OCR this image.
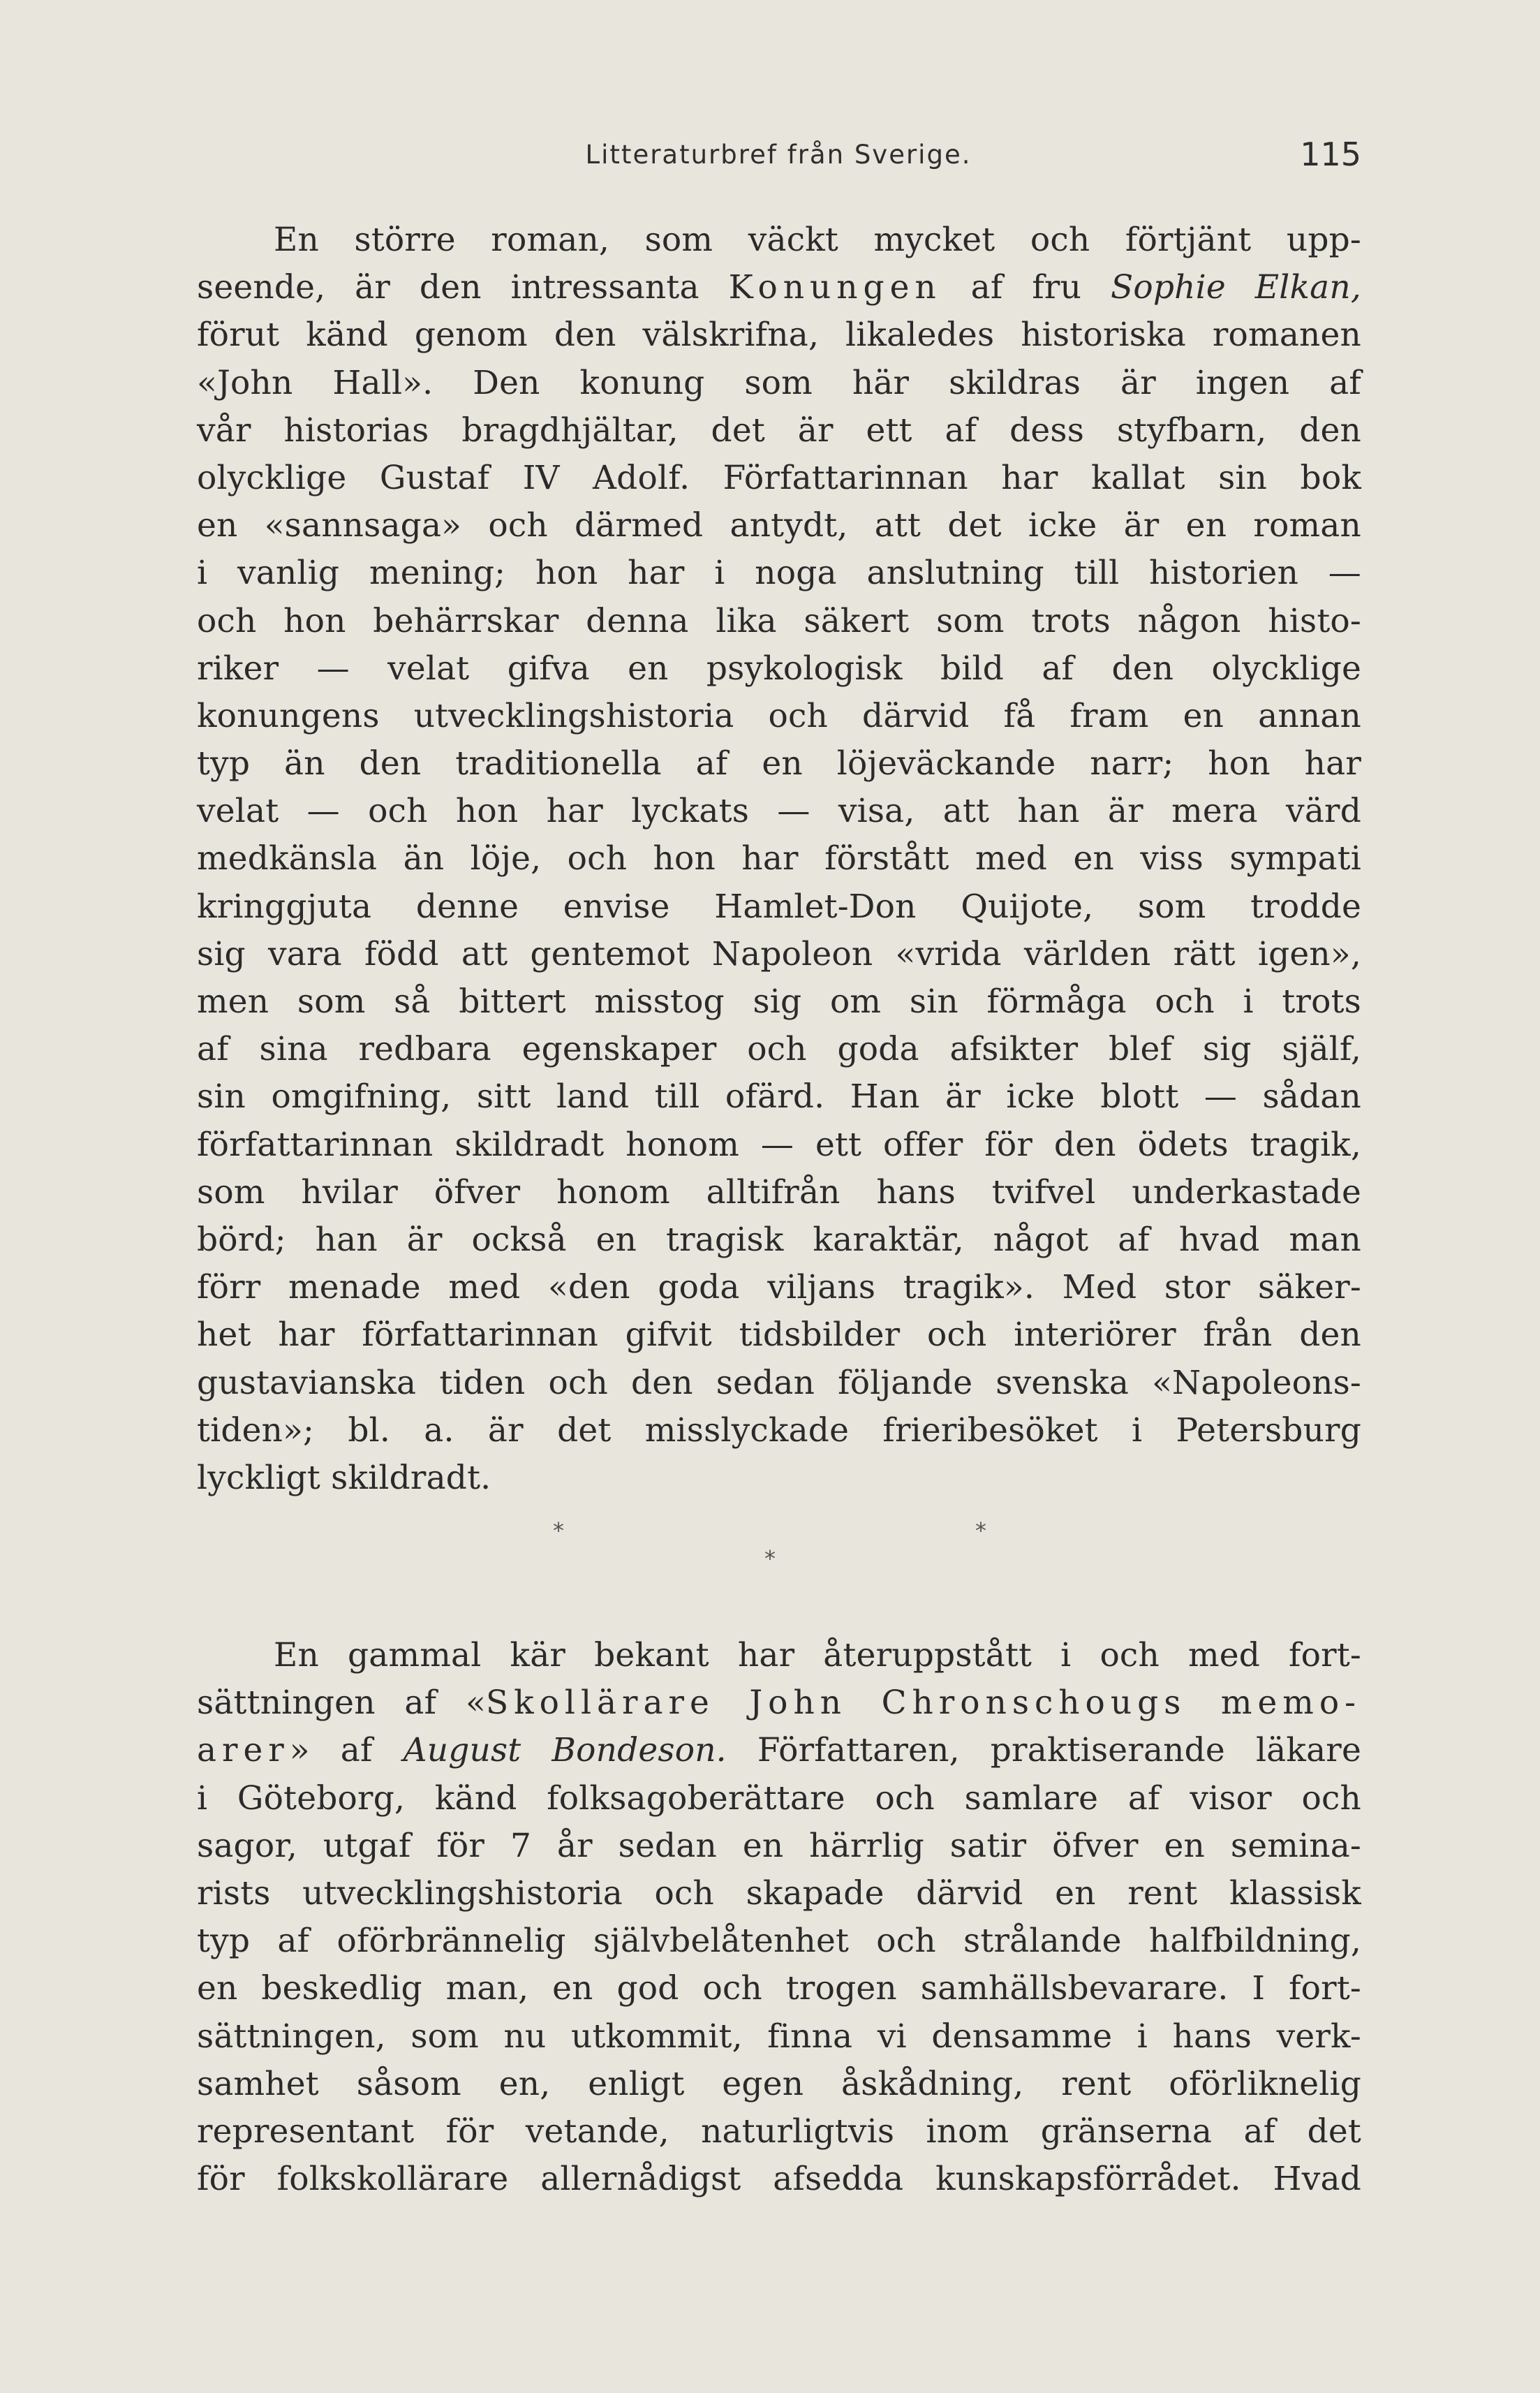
Litteraturbref från Sverige.	115
En större roman, som väckt mycket och förtjänt upp-
seende, är den intressanta Konungen af fru Sophie Elkan,
förut känd genom den välskrifna, likaledes historiska romanen
«John Hall». Den konung som här skildras är ingen af
vår historias bragdhjältar, det är ett af dess styfbarn, den
olycklige Gustaf IV Adolf. Författarinnan har kallat sin bok
en «sannsaga» och därmed antydt, att det icke är en roman
i vanlig mening; hon har i noga anslutning till historien —
och hon behärrskar denna lika säkert som trots någon histo-
riker — velat gifva en psykologisk bild af den olycklige
konungens utvecklingshistoria och därvid få fram en annan
typ än den traditionella af en löjeväckande narr; hon har
velat — och hon har lyckats — visa, att han är mera värd
medkänsla än löje, och hon har förstått med en viss sympati
kringgjuta denne envise Hamlet-Don Quijote, som trodde
sig vara född att gentemot Napoleon «vrida världen rätt igen»,
men som så bittert misstog sig om sin förmåga och i trots
af sina redbara egenskaper och goda afsikter blef sig själf,
sin omgifning, sitt land till ofärd. Han är icke blott — sådan
författarinnan skildradt honom — ett offer för den ödets tragik,
som hvilar öfver honom alltifrån hans tvifvel underkastade
börd; han är också en tragisk karaktär, något af hvad man
förr menade med «den goda viljans tragik». Med stor säker-
het har författarinnan gifvit tidsbilder och interiörer från den
gustavianska tiden och den sedan följande svenska «Napoleons-
tiden»; bl. a. är det misslyckade frieribesöket i Petersburg
lyckligt skildradt.
*	*
*
En gammal kär bekant har återuppstått i och med fort-
sättningen af «Skollärare John Chronschougs memo-
arer» af August Bondeson. Författaren, praktiserande läkare
i Göteborg, känd folksagoberättare och samlare af visor och
sagor, utgaf för 7 år sedan en härrlig satir öfver en semina-
rists utvecklingshistoria och skapade därvid en rent klassisk
typ af oförbrännelig självbelåtenhet och strålande halfbildning,
en beskedlig man, en god och trogen samhällsbevarare. I fort-
sättningen, som nu utkommit, finna vi densamme i hans verk-
samhet såsom en, enligt egen åskådning, rent oförliknelig
representant för vetande, naturligtvis inom gränserna af det
för folkskollärare allernådigst afsedda kunskapsförrådet. Hvad
